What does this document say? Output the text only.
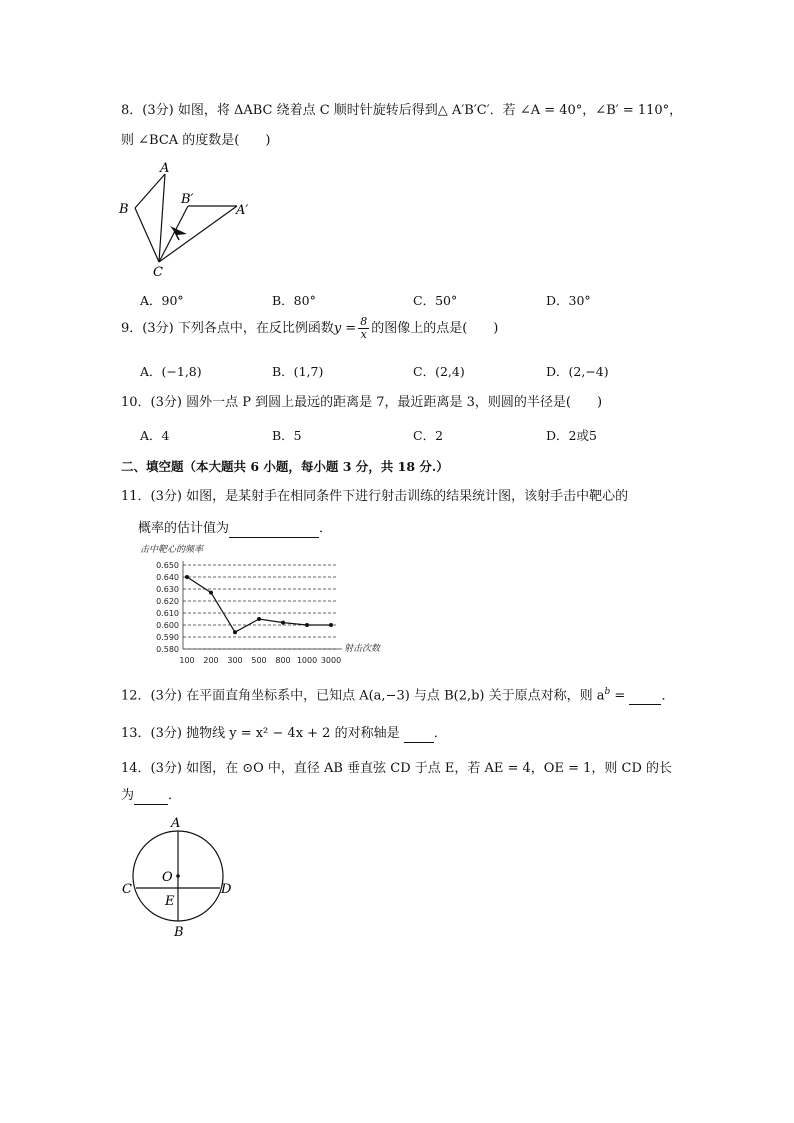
8．(3分) 如图，将 ΔABC 绕着点 C 顺时针旋转后得到△ A′B′C′．若 ∠A = 40°，∠B′ = 110°，
则 ∠BCA 的度数是(　　)
A
B
C
B′
A′
A．90°	B．80°	C．50°	D．30°
9．(3分) 下列各点中，在反比例函数$y = \frac{8}{x}$ 的图像上的点是(　　)
A．(−1,8)	B．(1,7)	C．(2,4)	D．(2,−4)
10．(3分) 圆外一点 P 到圆上最远的距离是 7，最近距离是 3，则圆的半径是(　　)
A．4	B．5	C．2	D．2或5
二、填空题（本大题共 6 小题，每小题 3 分，共 18 分.）
11．(3分) 如图，是某射手在相同条件下进行射击训练的结果统计图，该射手击中靶心的
概率的估计值为	．
击中靶心的频率
0.650
0.640
0.630
0.620
0.610
0.600
0.590
0.580
100 200 300 500 800 1000 3000
射击次数
12．(3分) 在平面直角坐标系中，已知点 A(a,−3) 与点 B(2,b) 关于原点对称，则 $a^b$ = ．
13．(3分) 抛物线 y = x² − 4x + 2 的对称轴是 ．
14．(3分) 如图，在 ⊙O 中，直径 AB 垂直弦 CD 于点 E，若 AE = 4，OE = 1，则 CD 的长
为	．
A
B
C	D
O
E
